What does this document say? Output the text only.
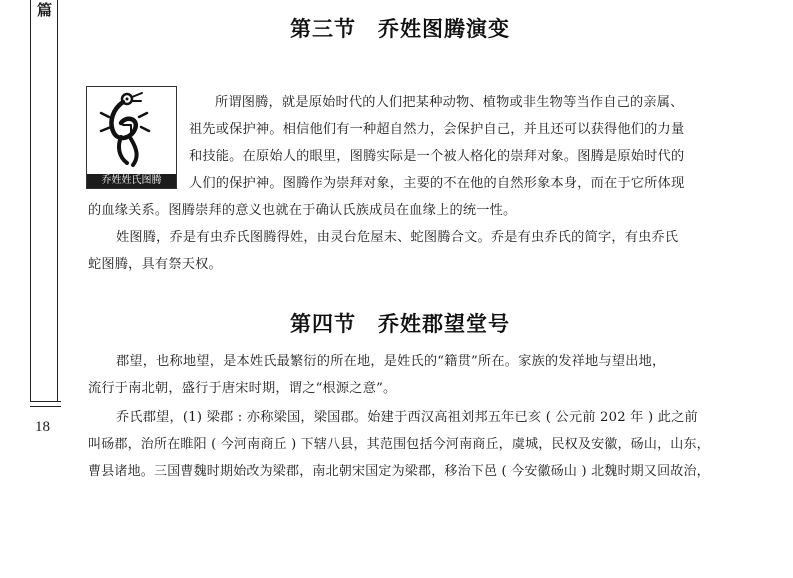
篇
18
第三节　乔姓图腾演变
乔姓姓氏图腾
所谓图腾，就是原始时代的人们把某种动物、植物或非生物等当作自己的亲属、
祖先或保护神。相信他们有一种超自然力，会保护自己，并且还可以获得他们的力量
和技能。在原始人的眼里，图腾实际是一个被人格化的崇拜对象。图腾是原始时代的
人们的保护神。图腾作为崇拜对象，主要的不在他的自然形象本身，而在于它所体现
的血缘关系。图腾崇拜的意义也就在于确认氏族成员在血缘上的统一性。
姓图腾，乔是有虫乔氏图腾得姓，由灵台危屋末、蛇图腾合文。乔是有虫乔氏的简字，有虫乔氏
蛇图腾，具有祭天权。
第四节　乔姓郡望堂号
郡望，也称地望，是本姓氏最繁衍的所在地，是姓氏的“籍贯”所在。家族的发祥地与望出地，
流行于南北朝，盛行于唐宋时期，谓之“根源之意”。
乔氏郡望，(1) 梁郡 : 亦称梁国，梁国郡。始建于西汉高祖刘邦五年已亥 ( 公元前 202 年 ) 此之前
叫砀郡，治所在睢阳 ( 今河南商丘 ) 下辖八县，其范围包括今河南商丘，虞城，民权及安徽，砀山，山东，
曹县诸地。三国曹魏时期始改为梁郡，南北朝宋国定为梁郡，移治下邑 ( 今安徽砀山 ) 北魏时期又回故治，
